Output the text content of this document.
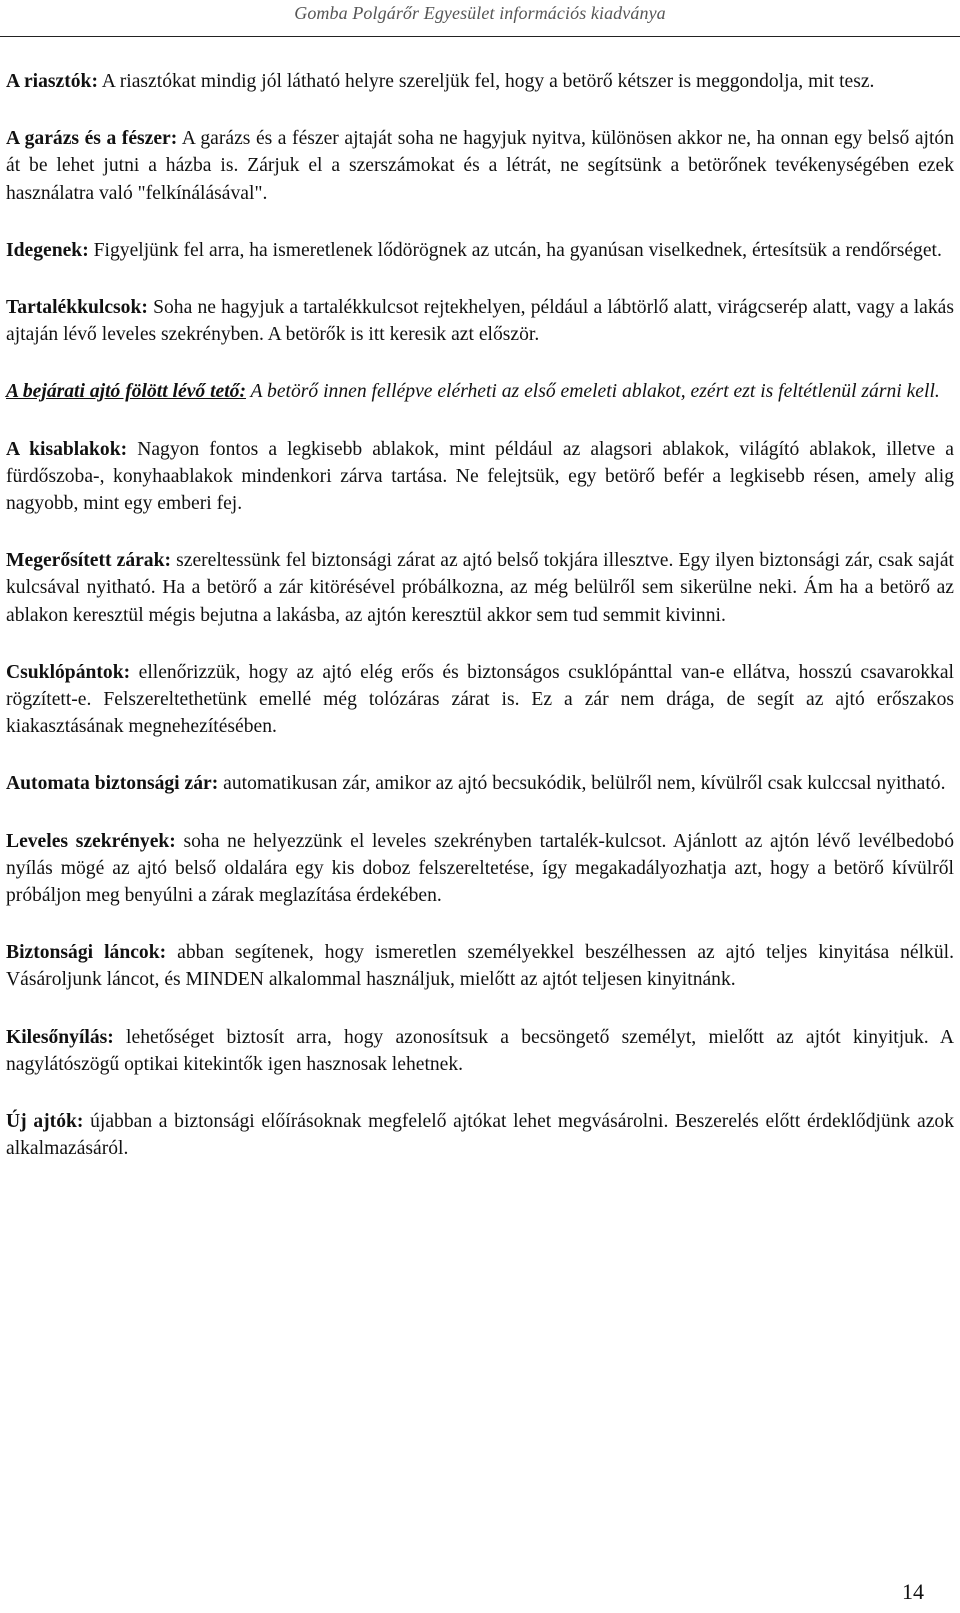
Gomba Polgárőr Egyesület információs kiadványa

A riasztók: A riasztókat mindig jól látható helyre szereljük fel, hogy a betörő kétszer is meggondolja, mit tesz.

A garázs és a fészer: A garázs és a fészer ajtaját soha ne hagyjuk nyitva, különösen akkor ne, ha onnan egy belső ajtón át be lehet jutni a házba is. Zárjuk el a szerszámokat és a létrát, ne segítsünk a betörőnek tevékenységében ezek használatra való "felkínálásával".

Idegenek: Figyeljünk fel arra, ha ismeretlenek lődörögnek az utcán, ha gyanúsan viselkednek, értesítsük a rendőrséget.

Tartalékkulcsok: Soha ne hagyjuk a tartalékkulcsot rejtekhelyen, például a lábtörlő alatt, virágcserép alatt, vagy a lakás ajtaján lévő leveles szekrényben. A betörők is itt keresik azt először.

A bejárati ajtó fölött lévő tető: A betörő innen fellépve elérheti az első emeleti ablakot, ezért ezt is feltétlenül zárni kell.

A kisablakok: Nagyon fontos a legkisebb ablakok, mint például az alagsori ablakok, világító ablakok, illetve a fürdőszoba-, konyhaablakok mindenkori zárva tartása. Ne felejtsük, egy betörő befér a legkisebb résen, amely alig nagyobb, mint egy emberi fej.

Megerősített zárak: szereltessünk fel biztonsági zárat az ajtó belső tokjára illesztve. Egy ilyen biztonsági zár, csak saját kulcsával nyitható. Ha a betörő a zár kitörésével próbálkozna, az még belülről sem sikerülne neki. Ám ha a betörő az ablakon keresztül mégis bejutna a lakásba, az ajtón keresztül akkor sem tud semmit kivinni.

Csuklópántok: ellenőrizzük, hogy az ajtó elég erős és biztonságos csuklópánttal van-e ellátva, hosszú csavarokkal rögzített-e. Felszereltethetünk emellé még tolózáras zárat is. Ez a zár nem drága, de segít az ajtó erőszakos kiakasztásának megnehezítésében.

Automata biztonsági zár: automatikusan zár, amikor az ajtó becsukódik, belülről nem, kívülről csak kulccsal nyitható.

Leveles szekrények: soha ne helyezzünk el leveles szekrényben tartalék-kulcsot. Ajánlott az ajtón lévő levélbedobó nyílás mögé az ajtó belső oldalára egy kis doboz felszereltetése, így megakadályozhatja azt, hogy a betörő kívülről próbáljon meg benyúlni a zárak meglazítása érdekében.

Biztonsági láncok: abban segítenek, hogy ismeretlen személyekkel beszélhessen az ajtó teljes kinyitása nélkül. Vásároljunk láncot, és MINDEN alkalommal használjuk, mielőtt az ajtót teljesen kinyitnánk.

Kilesőnyílás: lehetőséget biztosít arra, hogy azonosítsuk a becsöngető személyt, mielőtt az ajtót kinyitjuk. A nagylátószögű optikai kitekintők igen hasznosak lehetnek.

Új ajtók: újabban a biztonsági előírásoknak megfelelő ajtókat lehet megvásárolni. Beszerelés előtt érdeklődjünk azok alkalmazásáról.

14
